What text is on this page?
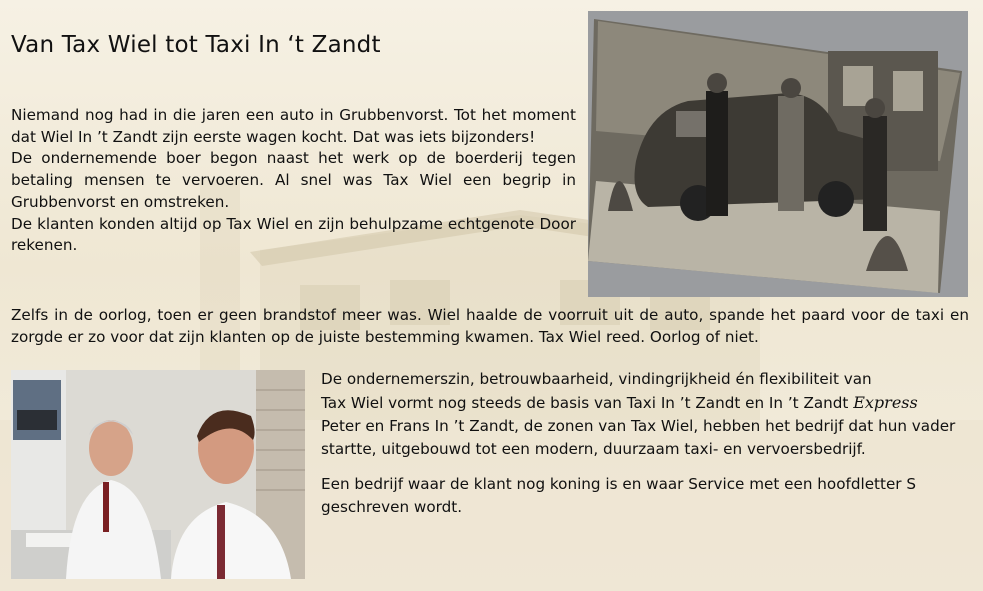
Van Tax Wiel tot Taxi In ‘t Zandt

Niemand nog had in die jaren een auto in Grubbenvorst. Tot het moment dat Wiel In ’t Zandt zijn eerste wagen kocht. Dat was iets bijzonders!

De ondernemende boer begon naast het werk op de boerderij tegen betaling mensen te vervoeren. Al snel was Tax Wiel een begrip in Grubbenvorst en omstreken.

De klanten konden altijd op Tax Wiel en zijn behulpzame echtgenote Door rekenen.

Zelfs in de oorlog, toen er geen brandstof meer was. Wiel haalde de voorruit uit de auto, spande het paard voor de taxi en zorgde er zo voor dat zijn klanten op de juiste bestemming kwamen. Tax Wiel reed. Oorlog of niet.

De ondernemerszin, betrouwbaarheid, vindingrijkheid én flexibiliteit van

Tax Wiel vormt nog steeds de basis van Taxi In ’t Zandt en In ’t Zandt Express

Peter en Frans In ’t Zandt, de zonen van Tax Wiel, hebben het bedrijf dat hun vader startte, uitgebouwd tot een modern, duurzaam taxi- en vervoersbedrijf.

Een bedrijf waar de klant nog koning is en waar Service met een hoofdletter S geschreven wordt.
